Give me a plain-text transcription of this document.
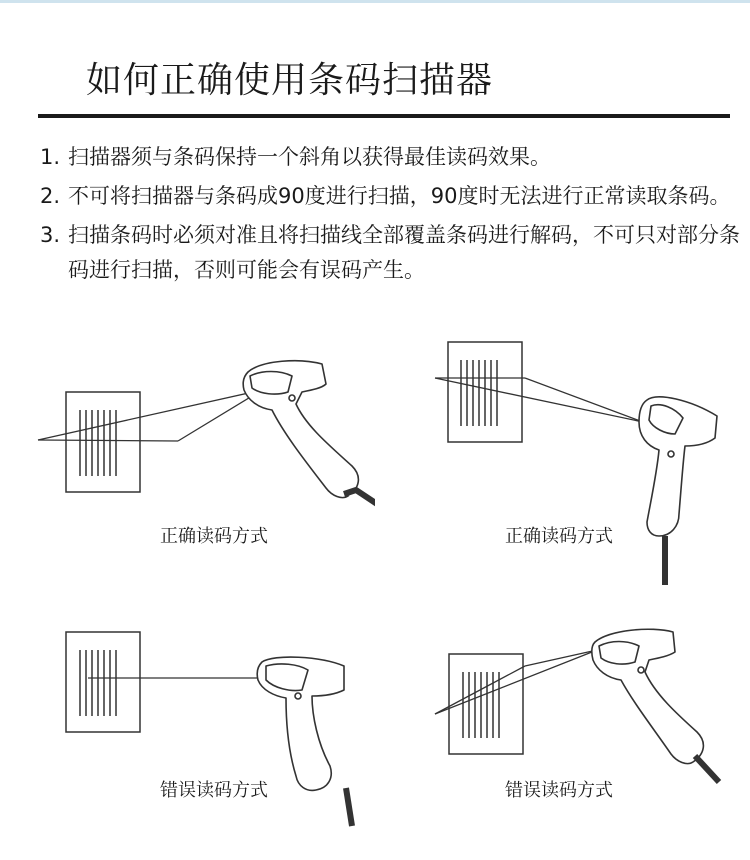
如何正确使用条码扫描器
1. 扫描器须与条码保持一个斜角以获得最佳读码效果。
2. 不可将扫描器与条码成90度进行扫描，90度时无法进行正常读取条码。
3. 扫描条码时必须对准且将扫描线全部覆盖条码进行解码，不可只对部分条码进行扫描，否则可能会有误码产生。
正确读码方式	正确读码方式
错误读码方式	错误读码方式
